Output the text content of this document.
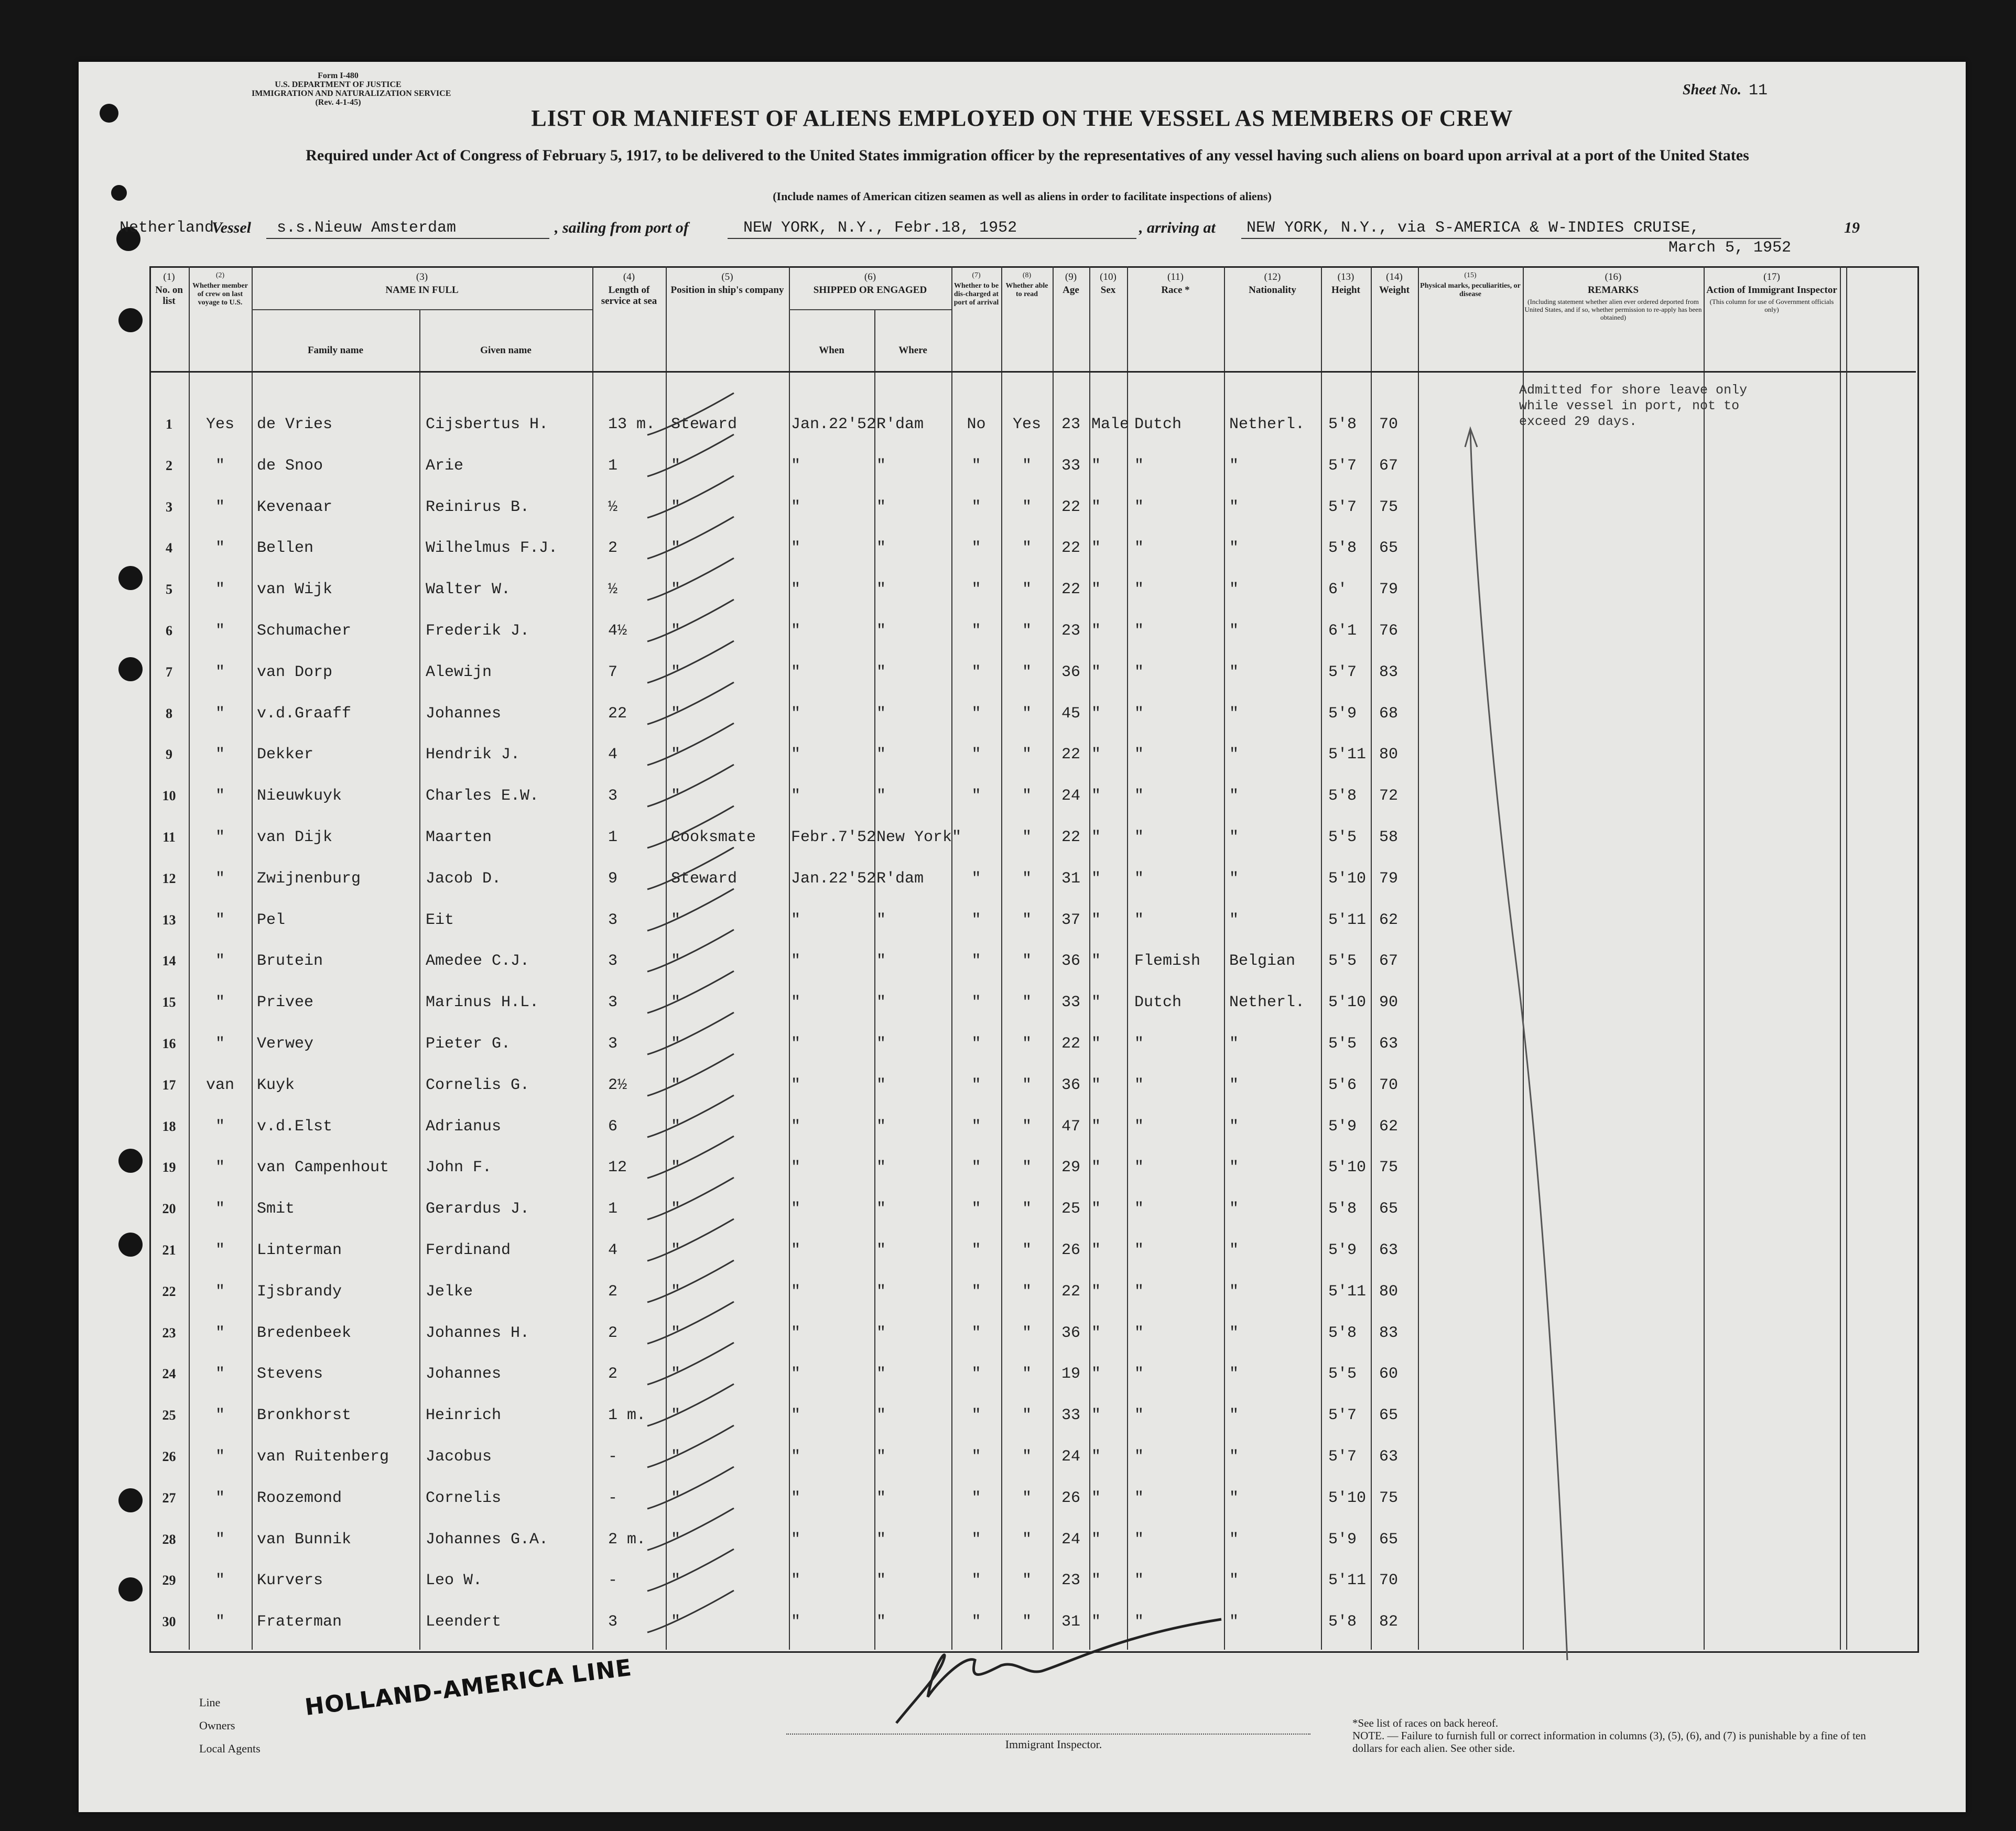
Form I-480
U.S. DEPARTMENT OF JUSTICE
IMMIGRATION AND NATURALIZATION SERVICE
(Rev. 4-1-45)
Sheet No. 11
LIST OR MANIFEST OF ALIENS EMPLOYED ON THE VESSEL AS MEMBERS OF CREW
Required under Act of Congress of February 5, 1917, to be delivered to the United States immigration officer by the representatives of any vessel having such aliens on board upon arrival at a port of the United States
(Include names of American citizen seamen as well as aliens in order to facilitate inspections of aliens)
Netherland
Vessel s.s.Nieuw Amsterdam	, sailing from port of	NEW YORK, N.Y., Febr.18, 1952	, arriving at NEW YORK, N.Y., via S-AMERICA & W-INDIES CRUISE,	19
March 5, 1952
(1)
No. on list
(2)
Whether member of crew on last voyage to U.S.
(3)
NAME IN FULL
Family name	Given name
(4)
Length of service at sea
(5)
Position in ship's company
(6)
SHIPPED OR ENGAGED
When	Where
(7)
Whether to be dis-charged at port of arrival
(8)
Whether able to read
(9)
Age
(10)
Sex
(11)
Race *
(12)
Nationality
(13)
Height
(14)
Weight
(15)
Physical marks, peculiarities, or disease
(16)
REMARKS
(Including statement whether alien ever ordered deported from United States, and if so, whether permission to re-apply has been obtained)
(17)
Action of Immigrant Inspector
(This column for use of Government officials only)
1	Yes	de Vries	Cijsbertus H.	13 m. Steward	Jan.22'52 R'dam	No	Yes	23 Male Dutch	Netherl.	5'8	70
2	"	de Snoo	Arie	1	"	"	"	"	"	33 "	"	"	5'7	67
3	"	Kevenaar	Reinirus B.	½	"	"	"	"	"	22 "	"	"	5'7	75
4	"	Bellen	Wilhelmus F.J.	2	"	"	"	"	"	22 "	"	"	5'8	65
5	"	van Wijk	Walter W.	½	"	"	"	"	"	22 "	"	"	6'	79
6	"	Schumacher	Frederik J.	4½	"	"	"	"	"	23 "	"	"	6'1	76
7	"	van Dorp	Alewijn	7	"	"	"	"	"	36 "	"	"	5'7	83
8	"	v.d.Graaff	Johannes	22	"	"	"	"	"	45 "	"	"	5'9	68
9	"	Dekker	Hendrik J.	4	"	"	"	"	"	22 "	"	"	5'11 80
10	"	Nieuwkuyk	Charles E.W.	3	"	"	"	"	"	24 "	"	"	5'8	72
11	"	van Dijk	Maarten	1	Cooksmate	Febr.7'52 New York"	"	22 "	"	"	5'5	58
12	"	Zwijnenburg	Jacob D.	9	Steward	Jan.22'52 R'dam	"	"	31 "	"	"	5'10 79
13	"	Pel	Eit	3	"	"	"	"	"	37 "	"	"	5'11 62
14	"	Brutein	Amedee C.J.	3	"	"	"	"	"	36 "	Flemish	Belgian	5'5	67
15	"	Privee	Marinus H.L.	3	"	"	"	"	"	33 "	Dutch	Netherl.	5'10 90
16	"	Verwey	Pieter G.	3	"	"	"	"	"	22 "	"	"	5'5	63
17	van	Kuyk	Cornelis G.	2½	"	"	"	"	"	36 "	"	"	5'6	70
18	"	v.d.Elst	Adrianus	6	"	"	"	"	"	47 "	"	"	5'9	62
19	"	van Campenhout	John F.	12	"	"	"	"	"	29 "	"	"	5'10 75
20	"	Smit	Gerardus J.	1	"	"	"	"	"	25 "	"	"	5'8	65
21	"	Linterman	Ferdinand	4	"	"	"	"	"	26 "	"	"	5'9	63
22	"	Ijsbrandy	Jelke	2	"	"	"	"	"	22 "	"	"	5'11 80
23	"	Bredenbeek	Johannes H.	2	"	"	"	"	"	36 "	"	"	5'8	83
24	"	Stevens	Johannes	2	"	"	"	"	"	19 "	"	"	5'5	60
25	"	Bronkhorst	Heinrich	1 m.	"	"	"	"	"	33 "	"	"	5'7	65
26	"	van Ruitenberg	Jacobus	-	"	"	"	"	"	24 "	"	"	5'7	63
27	"	Roozemond	Cornelis	-	"	"	"	"	"	26 "	"	"	5'10 75
28	"	van Bunnik	Johannes G.A.	2 m.	"	"	"	"	"	24 "	"	"	5'9	65
29	"	Kurvers	Leo W.	-	"	"	"	"	"	23 "	"	"	5'11 70
30	"	Fraterman	Leendert	3	"	"	"	"	"	31 "	"	"	5'8	82
Admitted for shore leave only while vessel in port, not to exceed 29 days.
Line
Owners
Local Agents
HOLLAND-AMERICA LINE
Immigrant Inspector.
*See list of races on back hereof.
NOTE. — Failure to furnish full or correct information in columns (3), (5), (6), and (7) is punishable by a fine of ten dollars for each alien. See other side.
